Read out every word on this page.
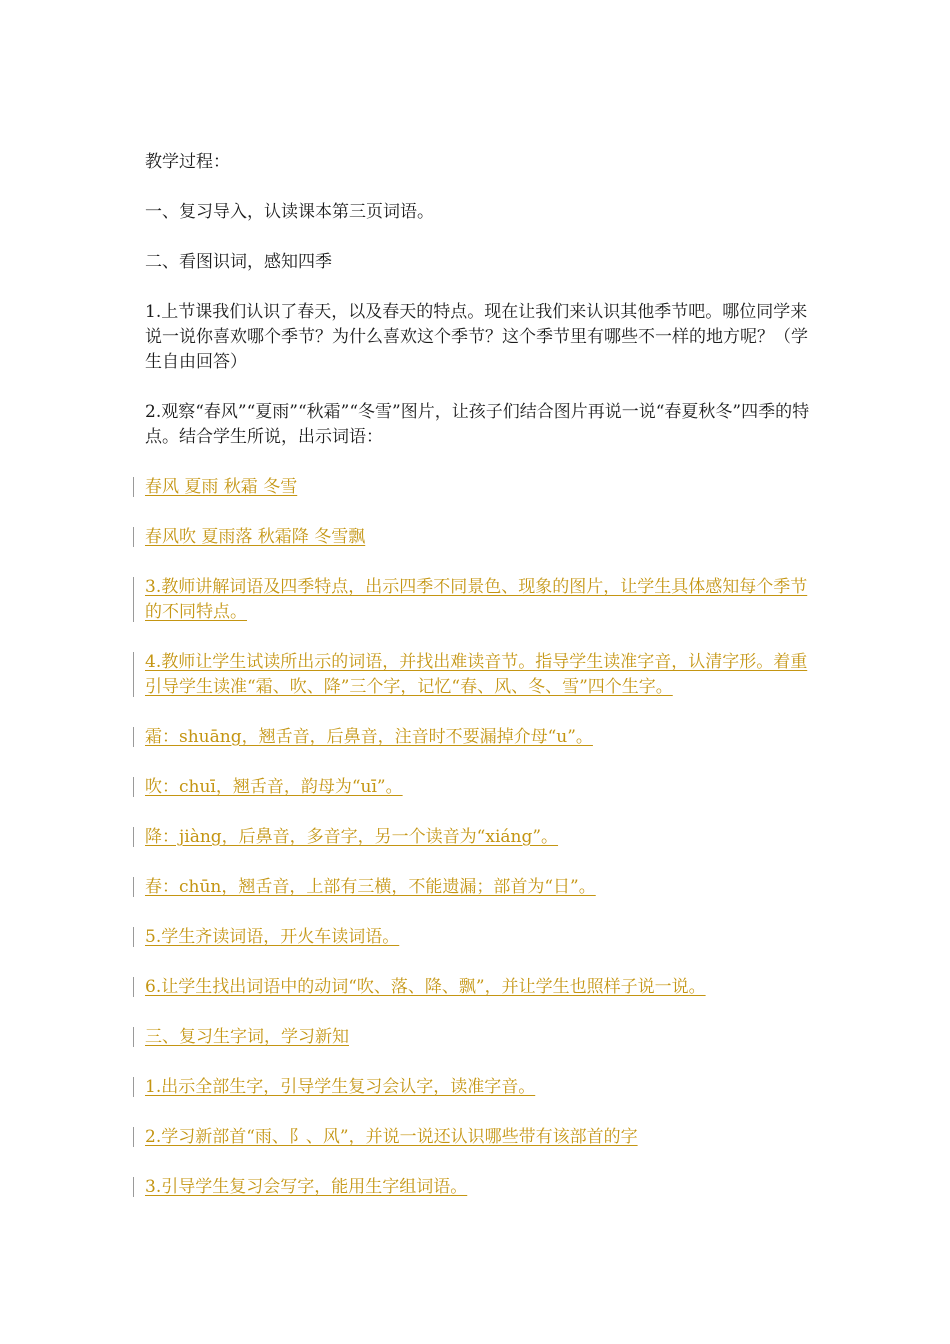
教学过程：

一、复习导入，认读课本第三页词语。

二、看图识词，感知四季

1.上节课我们认识了春天，以及春天的特点。现在让我们来认识其他季节吧。哪位同学来说一说你喜欢哪个季节？为什么喜欢这个季节？这个季节里有哪些不一样的地方呢？（学生自由回答）

2.观察“春风”“夏雨”“秋霜”“冬雪”图片，让孩子们结合图片再说一说“春夏秋冬”四季的特点。结合学生所说，出示词语：

春风 夏雨 秋霜 冬雪

春风吹 夏雨落 秋霜降 冬雪飘

3.教师讲解词语及四季特点，出示四季不同景色、现象的图片，让学生具体感知每个季节的不同特点。

4.教师让学生试读所出示的词语，并找出难读音节。指导学生读准字音，认清字形。着重引导学生读准“霜、吹、降”三个字，记忆“春、风、冬、雪”四个生字。

霜：shuāng，翘舌音，后鼻音，注音时不要漏掉介母“u”。

吹：chuī，翘舌音，韵母为“uī”。

降：jiàng，后鼻音，多音字，另一个读音为“xiáng”。

春：chūn，翘舌音，上部有三横，不能遗漏；部首为“日”。

5.学生齐读词语，开火车读词语。

6.让学生找出词语中的动词“吹、落、降、飘”，并让学生也照样子说一说。

三、复习生字词，学习新知

1.出示全部生字，引导学生复习会认字，读准字音。

2.学习新部首“雨、阝、风”，并说一说还认识哪些带有该部首的字

3.引导学生复习会写字，能用生字组词语。
